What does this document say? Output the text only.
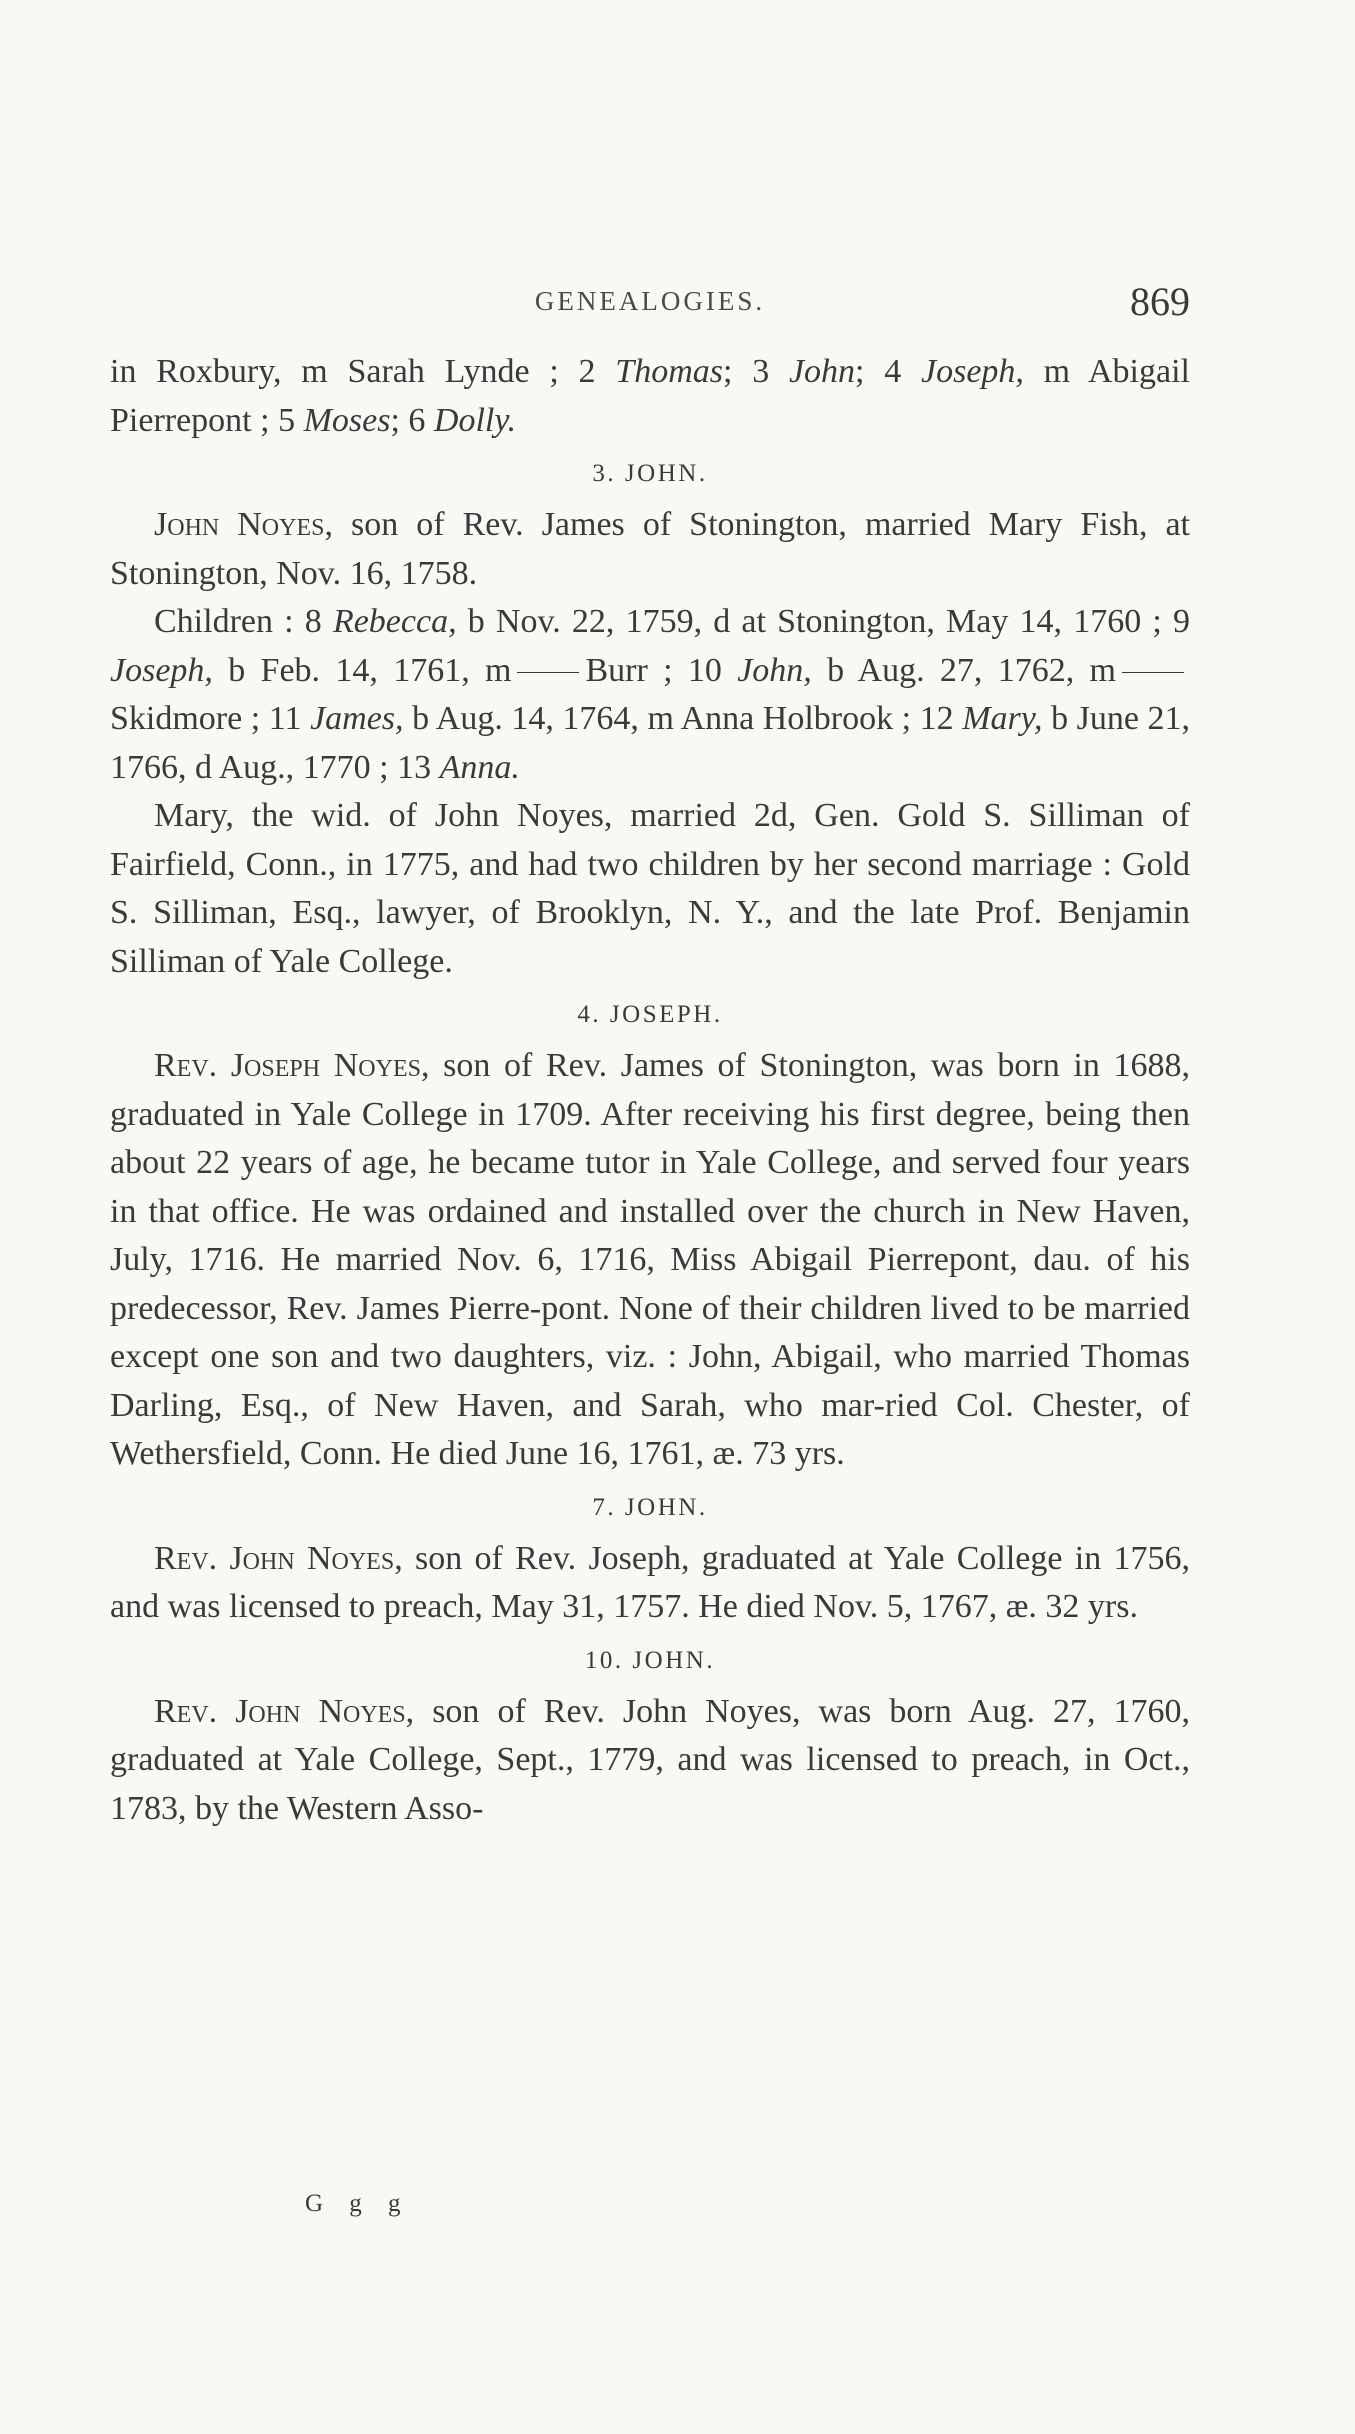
GENEALOGIES.	869

in Roxbury, m Sarah Lynde ; 2 Thomas; 3 John; 4 Joseph, m Abigail Pierrepont ; 5 Moses; 6 Dolly.

3. JOHN.

John Noyes, son of Rev. James of Stonington, married Mary Fish, at Stonington, Nov. 16, 1758.

Children : 8 Rebecca, b Nov. 22, 1759, d at Stonington, May 14, 1760 ; 9 Joseph, b Feb. 14, 1761, m Burr ; 10 John, b Aug. 27, 1762, mSkidmore ; 11 James, b Aug. 14, 1764, m Anna Holbrook ; 12 Mary, b June 21, 1766, d Aug., 1770 ; 13 Anna.

Mary, the wid. of John Noyes, married 2d, Gen. Gold S. Silliman of Fairfield, Conn., in 1775, and had two children by her second marriage : Gold S. Silliman, Esq., lawyer, of Brooklyn, N. Y., and the late Prof. Benjamin Silliman of Yale College.

4. JOSEPH.

Rev. Joseph Noyes, son of Rev. James of Stonington, was born in 1688, graduated in Yale College in 1709. After receiving his first degree, being then about 22 years of age, he became tutor in Yale College, and served four years in that office. He was ordained and installed over the church in New Haven, July, 1716. He married Nov. 6, 1716, Miss Abigail Pierrepont, dau. of his predecessor, Rev. James Pierre-pont. None of their children lived to be married except one son and two daughters, viz. : John, Abigail, who married Thomas Darling, Esq., of New Haven, and Sarah, who mar-ried Col. Chester, of Wethersfield, Conn. He died June 16, 1761, æ. 73 yrs.

7. JOHN.

Rev. John Noyes, son of Rev. Joseph, graduated at Yale College in 1756, and was licensed to preach, May 31, 1757. He died Nov. 5, 1767, æ. 32 yrs.

10. JOHN.

Rev. John Noyes, son of Rev. John Noyes, was born Aug. 27, 1760, graduated at Yale College, Sept., 1779, and was licensed to preach, in Oct., 1783, by the Western Asso-

G g g
